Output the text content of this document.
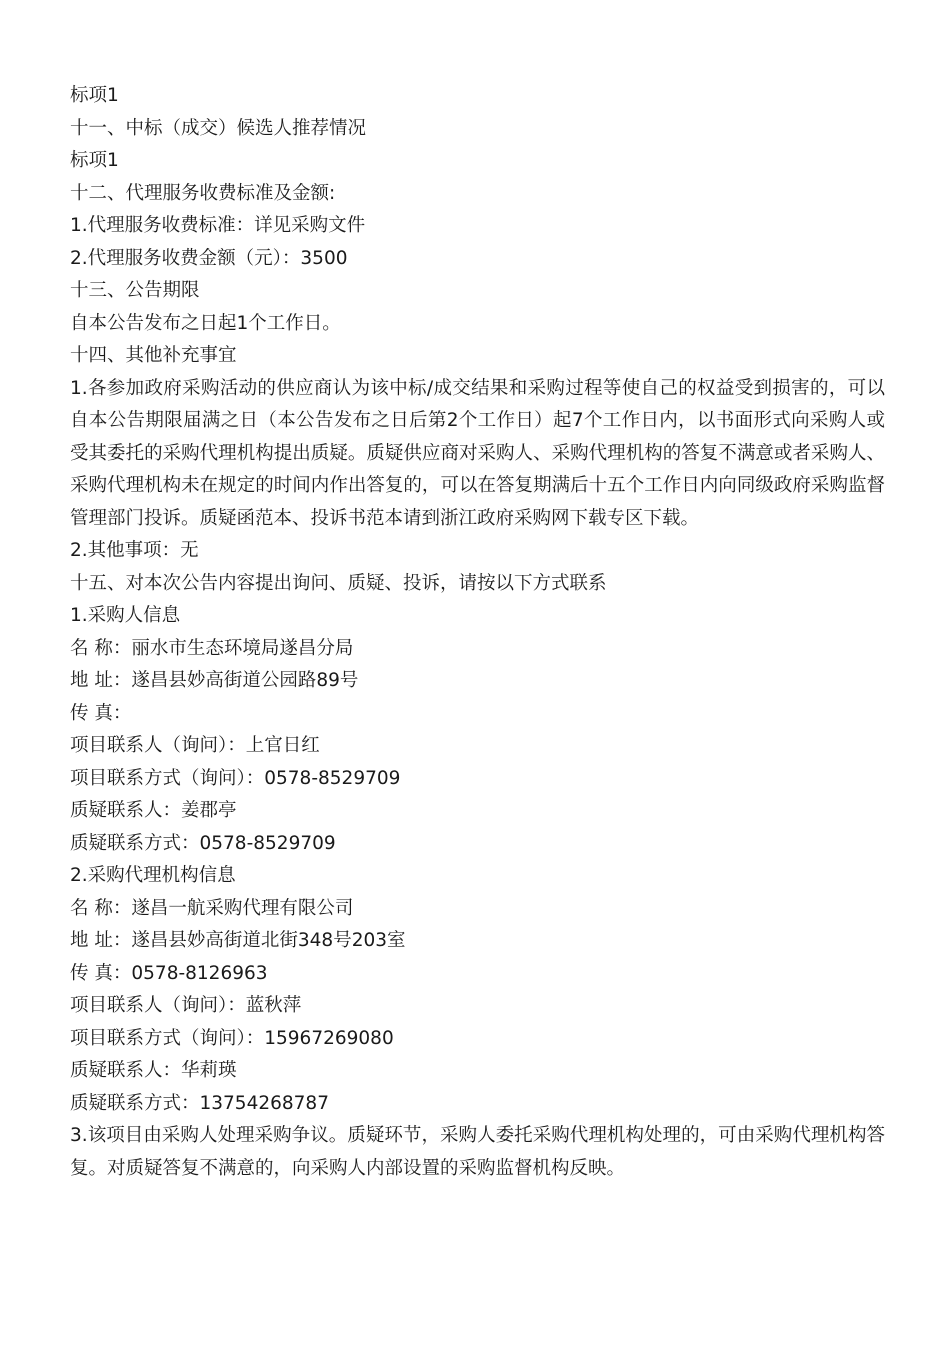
标项1

十一、中标（成交）候选人推荐情况

标项1

十二、代理服务收费标准及金额:

1.代理服务收费标准：详见采购文件

2.代理服务收费金额（元）：3500

十三、公告期限

自本公告发布之日起1个工作日。

十四、其他补充事宜

1.各参加政府采购活动的供应商认为该中标/成交结果和采购过程等使自己的权益受到损害的，可以自本公告期限届满之日（本公告发布之日后第2个工作日）起7个工作日内，以书面形式向采购人或受其委托的采购代理机构提出质疑。质疑供应商对采购人、采购代理机构的答复不满意或者采购人、采购代理机构未在规定的时间内作出答复的，可以在答复期满后十五个工作日内向同级政府采购监督管理部门投诉。质疑函范本、投诉书范本请到浙江政府采购网下载专区下载。

2.其他事项：无

十五、对本次公告内容提出询问、质疑、投诉，请按以下方式联系

1.采购人信息

名 称：丽水市生态环境局遂昌分局

地 址：遂昌县妙高街道公园路89号

传 真：

项目联系人（询问）：上官日红

项目联系方式（询问）：0578-8529709

质疑联系人：姜郡亭

质疑联系方式：0578-8529709

2.采购代理机构信息

名 称：遂昌一航采购代理有限公司

地 址：遂昌县妙高街道北街348号203室

传 真：0578-8126963

项目联系人（询问）：蓝秋萍

项目联系方式（询问）：15967269080

质疑联系人：华莉瑛

质疑联系方式：13754268787

3.该项目由采购人处理采购争议。质疑环节，采购人委托采购代理机构处理的，可由采购代理机构答复。对质疑答复不满意的，向采购人内部设置的采购监督机构反映。
